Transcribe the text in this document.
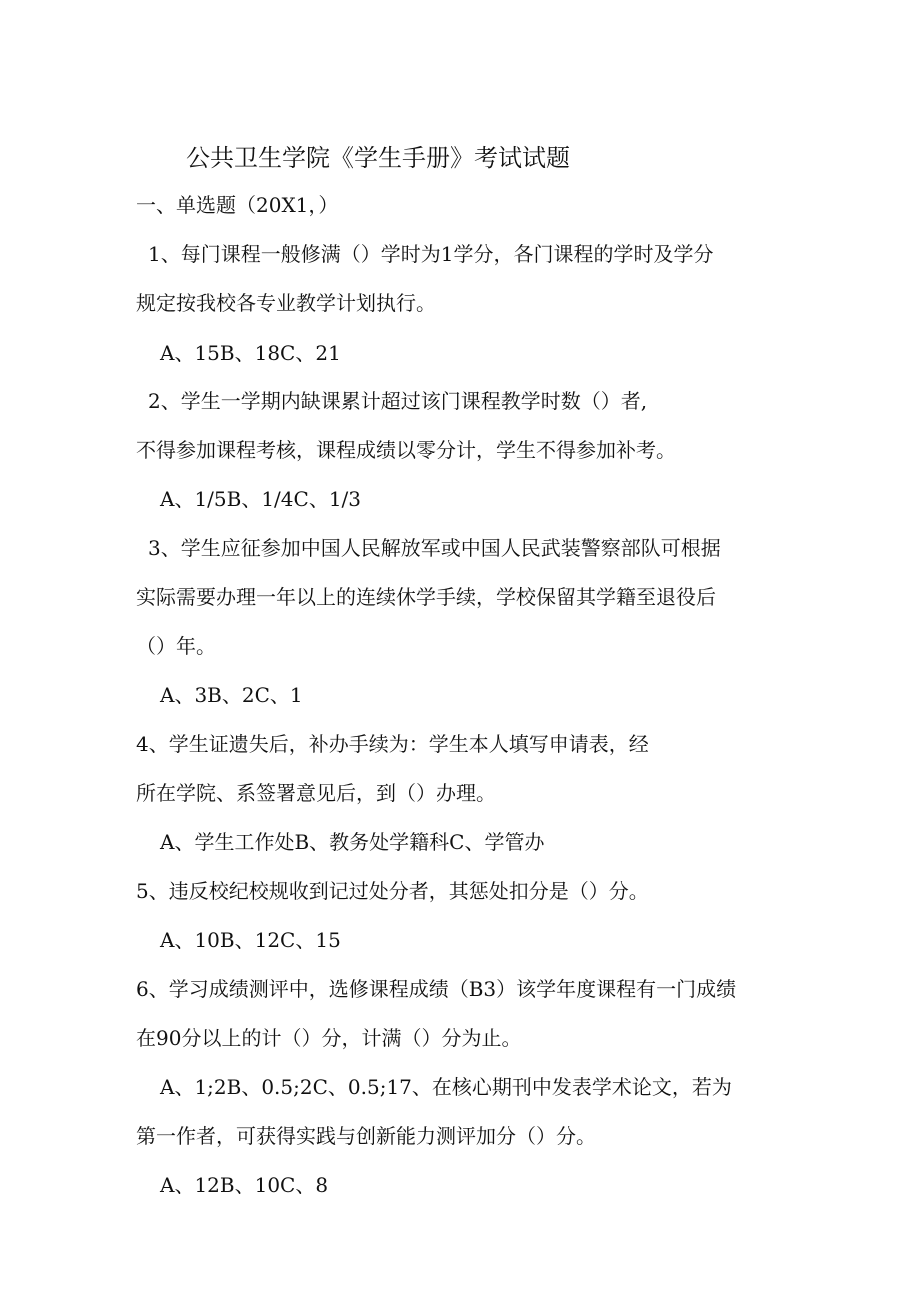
公共卫生学院《学生手册》考试试题
一、单选题（20X1，）
1、每门课程一般修满（）学时为1学分，各门课程的学时及学分
规定按我校各专业教学计划执行。
A、15B、18C、21
2、学生一学期内缺课累计超过该门课程教学时数（）者,
不得参加课程考核，课程成绩以零分计，学生不得参加补考。
A、1/5B、1/4C、1/3
3、学生应征参加中国人民解放军或中国人民武装警察部队可根据
实际需要办理一年以上的连续休学手续，学校保留其学籍至退役后
（）年。
A、3B、2C、1
4、学生证遗失后，补办手续为：学生本人填写申请表，经
所在学院、系签署意见后，到（）办理。
A、学生工作处B、教务处学籍科C、学管办
5、违反校纪校规收到记过处分者，其惩处扣分是（）分。
A、10B、12C、15
6、学习成绩测评中，选修课程成绩（B3）该学年度课程有一门成绩
在90分以上的计（）分，计满（）分为止。
A、1;2B、0.5;2C、0.5;17、在核心期刊中发表学术论文，若为
第一作者，可获得实践与创新能力测评加分（）分。
A、12B、10C、8
